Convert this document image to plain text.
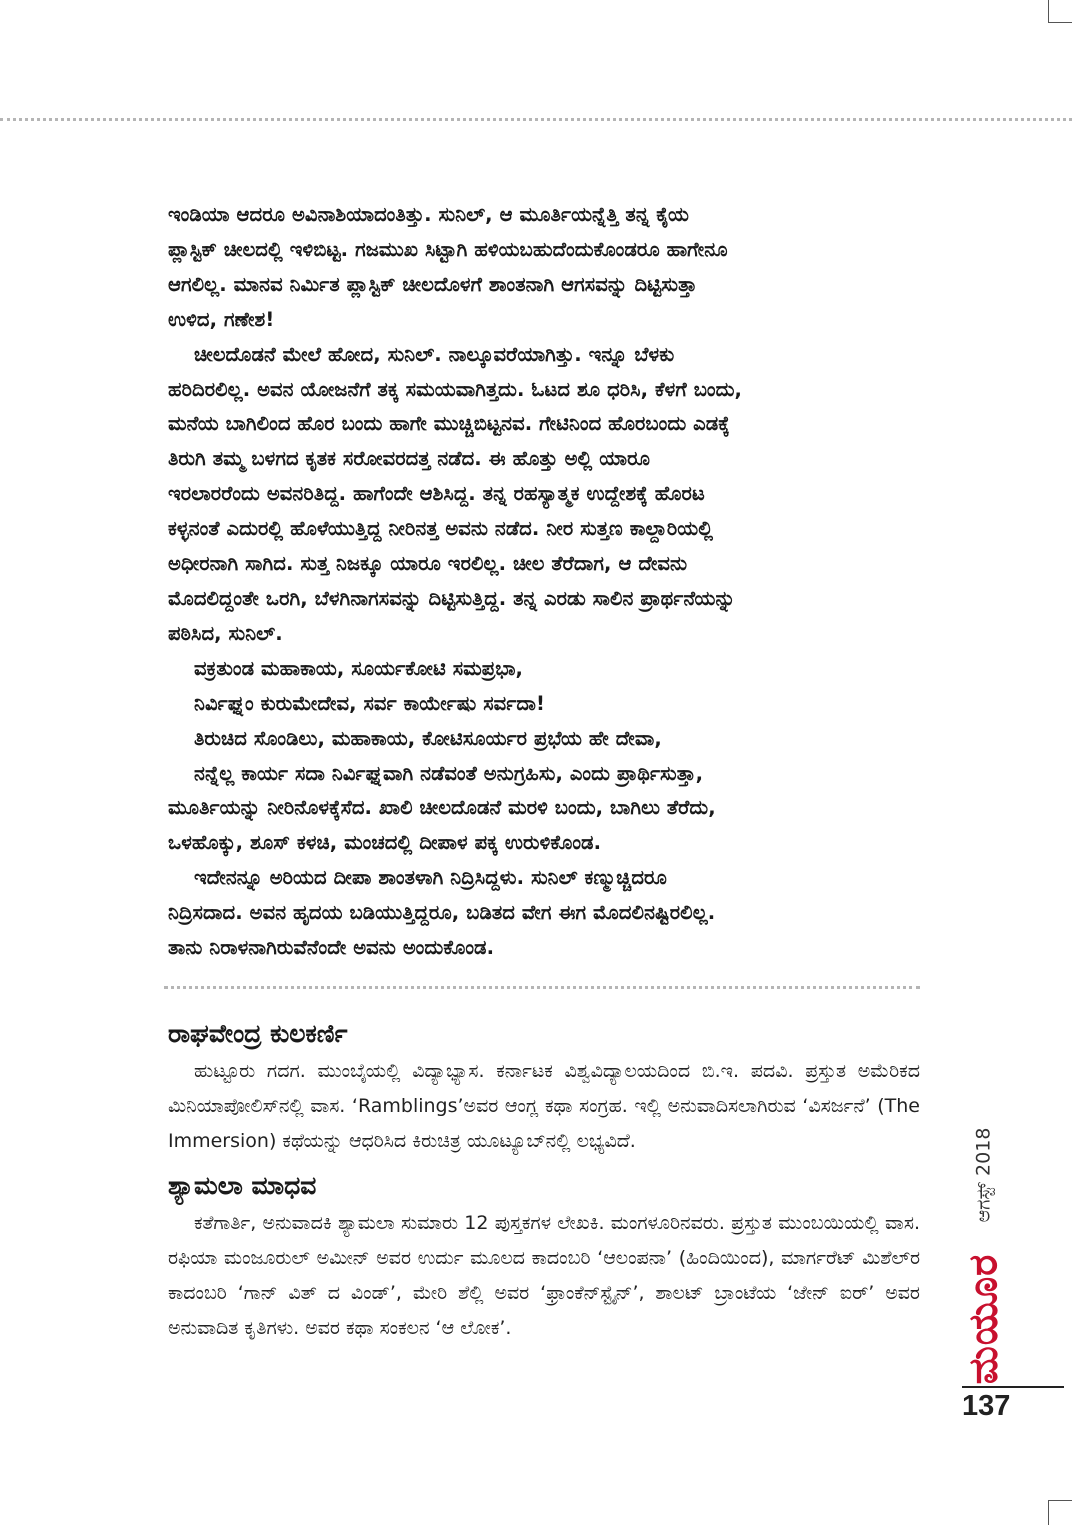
ಇಂಡಿಯಾ ಆದರೂ ಅವಿನಾಶಿಯಾದಂತಿತ್ತು. ಸುನಿಲ್, ಆ ಮೂರ್ತಿಯನ್ನೆತ್ತಿ ತನ್ನ ಕೈಯ

ಪ್ಲಾಸ್ಟಿಕ್ ಚೀಲದಲ್ಲಿ ಇಳಿಬಿಟ್ಟ. ಗಜಮುಖ ಸಿಟ್ಟಾಗಿ ಹಳಿಯಬಹುದೆಂದುಕೊಂಡರೂ ಹಾಗೇನೂ

ಆಗಲಿಲ್ಲ. ಮಾನವ ನಿರ್ಮಿತ ಪ್ಲಾಸ್ಟಿಕ್ ಚೀಲದೊಳಗೆ ಶಾಂತನಾಗಿ ಆಗಸವನ್ನು ದಿಟ್ಟಿಸುತ್ತಾ

ಉಳಿದ, ಗಣೇಶ!

ಚೀಲದೊಡನೆ ಮೇಲೆ ಹೋದ, ಸುನಿಲ್. ನಾಲ್ಕೂವರೆಯಾಗಿತ್ತು. ಇನ್ನೂ ಬೆಳಕು

ಹರಿದಿರಲಿಲ್ಲ. ಅವನ ಯೋಜನೆಗೆ ತಕ್ಕ ಸಮಯವಾಗಿತ್ತದು. ಓಟದ ಶೂ ಧರಿಸಿ, ಕೆಳಗೆ ಬಂದು,

ಮನೆಯ ಬಾಗಿಲಿಂದ ಹೊರ ಬಂದು ಹಾಗೇ ಮುಚ್ಚಿಬಿಟ್ಟನವ. ಗೇಟಿನಿಂದ ಹೊರಬಂದು ಎಡಕ್ಕೆ

ತಿರುಗಿ ತಮ್ಮ ಬಳಗದ ಕೃತಕ ಸರೋವರದತ್ತ ನಡೆದ. ಈ ಹೊತ್ತು ಅಲ್ಲಿ ಯಾರೂ

ಇರಲಾರರೆಂದು ಅವನರಿತಿದ್ದ. ಹಾಗೆಂದೇ ಆಶಿಸಿದ್ದ. ತನ್ನ ರಹಸ್ಯಾತ್ಮಕ ಉದ್ದೇಶಕ್ಕೆ ಹೊರಟ

ಕಳ್ಳನಂತೆ ಎದುರಲ್ಲಿ ಹೊಳೆಯುತ್ತಿದ್ದ ನೀರಿನತ್ತ ಅವನು ನಡೆದ. ನೀರ ಸುತ್ತಣ ಕಾಲ್ದಾರಿಯಲ್ಲಿ

ಅಧೀರನಾಗಿ ಸಾಗಿದ. ಸುತ್ತ ನಿಜಕ್ಕೂ ಯಾರೂ ಇರಲಿಲ್ಲ. ಚೀಲ ತೆರೆದಾಗ, ಆ ದೇವನು

ಮೊದಲಿದ್ದಂತೇ ಒರಗಿ, ಬೆಳಗಿನಾಗಸವನ್ನು ದಿಟ್ಟಿಸುತ್ತಿದ್ದ. ತನ್ನ ಎರಡು ಸಾಲಿನ ಪ್ರಾರ್ಥನೆಯನ್ನು

ಪಠಿಸಿದ, ಸುನಿಲ್.

ವಕ್ರತುಂಡ ಮಹಾಕಾಯ, ಸೂರ್ಯಕೋಟಿ ಸಮಪ್ರಭಾ,

ನಿರ್ವಿಘ್ನಂ ಕುರುಮೇದೇವ, ಸರ್ವ ಕಾರ್ಯೇಷು ಸರ್ವದಾ!

ತಿರುಚಿದ ಸೊಂಡಿಲು, ಮಹಾಕಾಯ, ಕೋಟಿಸೂರ್ಯರ ಪ್ರಭೆಯ ಹೇ ದೇವಾ,

ನನ್ನೆಲ್ಲ ಕಾರ್ಯ ಸದಾ ನಿರ್ವಿಘ್ನವಾಗಿ ನಡೆವಂತೆ ಅನುಗ್ರಹಿಸು, ಎಂದು ಪ್ರಾರ್ಥಿಸುತ್ತಾ,

ಮೂರ್ತಿಯನ್ನು ನೀರಿನೊಳಕ್ಕೆಸೆದ. ಖಾಲಿ ಚೀಲದೊಡನೆ ಮರಳಿ ಬಂದು, ಬಾಗಿಲು ತೆರೆದು,

ಒಳಹೊಕ್ಕು, ಶೂಸ್ ಕಳಚಿ, ಮಂಚದಲ್ಲಿ ದೀಪಾಳ ಪಕ್ಕ ಉರುಳಿಕೊಂಡ.

ಇದೇನನ್ನೂ ಅರಿಯದ ದೀಪಾ ಶಾಂತಳಾಗಿ ನಿದ್ರಿಸಿದ್ದಳು. ಸುನಿಲ್ ಕಣ್ಮುಚ್ಚಿದರೂ

ನಿದ್ರಿಸದಾದ. ಅವನ ಹೃದಯ ಬಡಿಯುತ್ತಿದ್ದರೂ, ಬಡಿತದ ವೇಗ ಈಗ ಮೊದಲಿನಷ್ಟಿರಲಿಲ್ಲ.

ತಾನು ನಿರಾಳನಾಗಿರುವೆನೆಂದೇ ಅವನು ಅಂದುಕೊಂಡ.

ರಾಘವೇಂದ್ರ ಕುಲಕರ್ಣಿ

ಹುಟ್ಟೂರು ಗದಗ. ಮುಂಬೈಯಲ್ಲಿ ವಿದ್ಯಾಭ್ಯಾಸ. ಕರ್ನಾಟಕ ವಿಶ್ವವಿದ್ಯಾಲಯದಿಂದ ಬಿ.ಇ. ಪದವಿ. ಪ್ರಸ್ತುತ ಅಮೆರಿಕದ ಮಿನಿಯಾಪೋಲಿಸ್‌ನಲ್ಲಿ ವಾಸ. ‘Ramblings’ಅವರ ಆಂಗ್ಲ ಕಥಾ ಸಂಗ್ರಹ. ಇಲ್ಲಿ ಅನುವಾದಿಸಲಾಗಿರುವ ‘ವಿಸರ್ಜನೆ’ (The Immersion) ಕಥೆಯನ್ನು ಆಧರಿಸಿದ ಕಿರುಚಿತ್ರ ಯೂಟ್ಯೂಬ್‌ನಲ್ಲಿ ಲಭ್ಯವಿದೆ.

ಶ್ಯಾಮಲಾ ಮಾಧವ

ಕತೆಗಾರ್ತಿ, ಅನುವಾದಕಿ ಶ್ಯಾಮಲಾ ಸುಮಾರು 12 ಪುಸ್ತಕಗಳ ಲೇಖಕಿ. ಮಂಗಳೂರಿನವರು. ಪ್ರಸ್ತುತ ಮುಂಬಯಿಯಲ್ಲಿ ವಾಸ. ರಫಿಯಾ ಮಂಜೂರುಲ್ ಅಮೀನ್ ಅವರ ಉರ್ದು ಮೂಲದ ಕಾದಂಬರಿ ‘ಆಲಂಪನಾ’ (ಹಿಂದಿಯಿಂದ), ಮಾರ್ಗರೆಟ್ ಮಿಶೆಲ್‌ರ ಕಾದಂಬರಿ ‘ಗಾನ್ ವಿತ್ ದ ವಿಂಡ್’, ಮೇರಿ ಶೆಲ್ಲಿ ಅವರ ‘ಫ್ರಾಂಕೆನ್‌ಸ್ಟೈನ್’, ಶಾಲಟ್ ಬ್ರಾಂಟೆಯ ‘ಜೇನ್ ಐರ್’ ಅವರ ಅನುವಾದಿತ ಕೃತಿಗಳು. ಅವರ ಕಥಾ ಸಂಕಲನ ‘ಆ ಲೋಕ’.

ಆಗಸ್ಟ್ 2018
ಮಯೂರ
137
